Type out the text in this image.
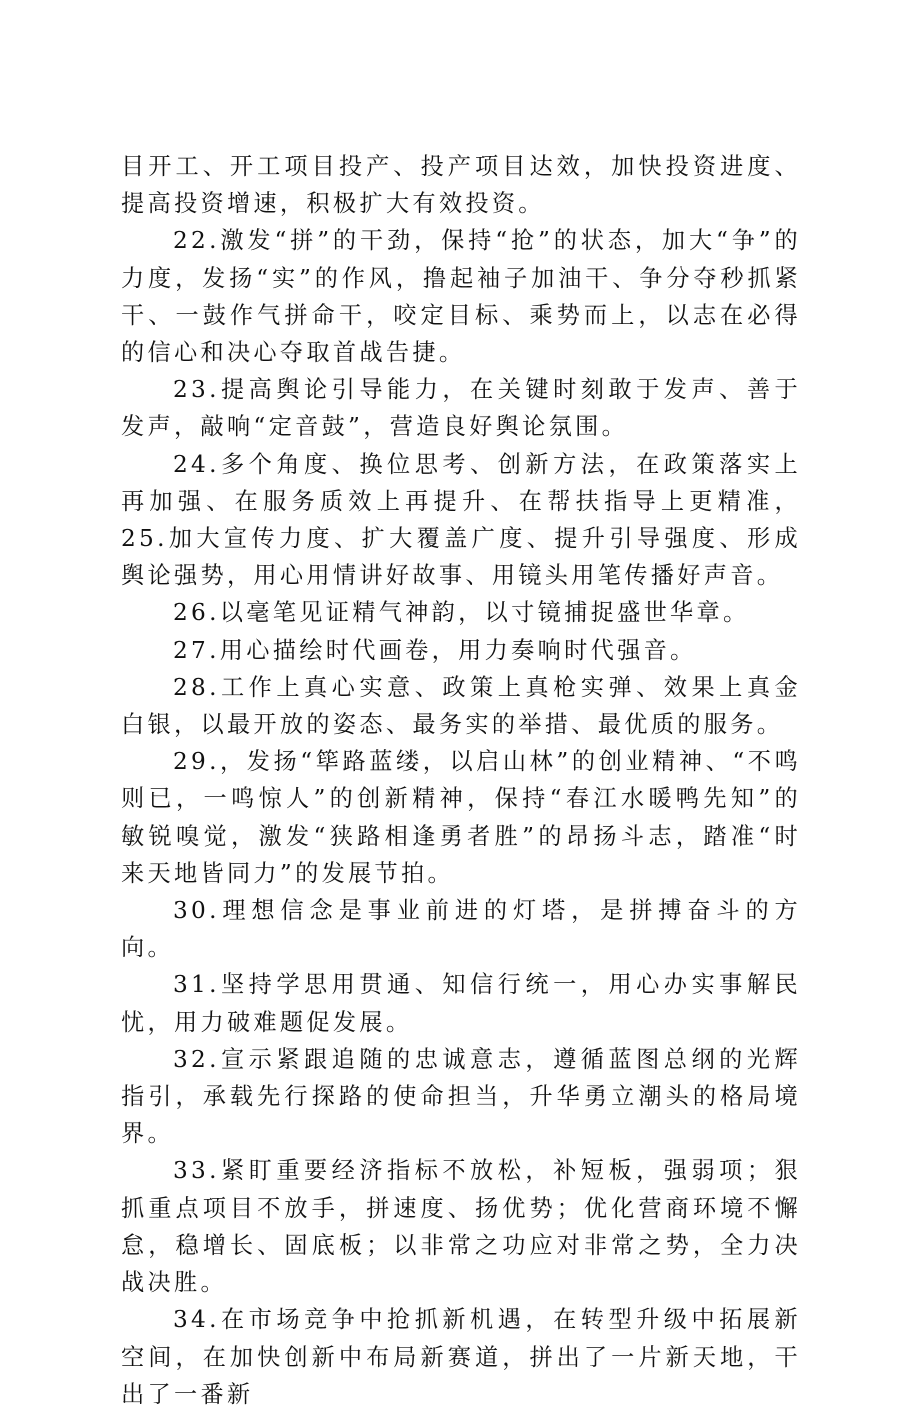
目开工、开工项目投产、投产项目达效，加快投资进度、提高投资增速，积极扩大有效投资。

22.激发“拼”的干劲，保持“抢”的状态，加大“争”的力度，发扬“实”的作风，撸起袖子加油干、争分夺秒抓紧干、一鼓作气拼命干，咬定目标、乘势而上，以志在必得的信心和决心夺取首战告捷。

23.提高舆论引导能力，在关键时刻敢于发声、善于发声，敲响“定音鼓”，营造良好舆论氛围。

24.多个角度、换位思考、创新方法，在政策落实上再加强、在服务质效上再提升、在帮扶指导上更精准，25.加大宣传力度、扩大覆盖广度、提升引导强度、形成舆论强势，用心用情讲好故事、用镜头用笔传播好声音。

26.以毫笔见证精气神韵，以寸镜捕捉盛世华章。

27.用心描绘时代画卷，用力奏响时代强音。

28.工作上真心实意、政策上真枪实弹、效果上真金白银，以最开放的姿态、最务实的举措、最优质的服务。

29.，发扬“筚路蓝缕，以启山林”的创业精神、“不鸣则已，一鸣惊人”的创新精神，保持“春江水暖鸭先知”的敏锐嗅觉，激发“狭路相逢勇者胜”的昂扬斗志，踏准“时来天地皆同力”的发展节拍。

30.理想信念是事业前进的灯塔，是拼搏奋斗的方向。

31.坚持学思用贯通、知信行统一，用心办实事解民忧，用力破难题促发展。

32.宣示紧跟追随的忠诚意志，遵循蓝图总纲的光辉指引，承载先行探路的使命担当，升华勇立潮头的格局境界。

33.紧盯重要经济指标不放松，补短板，强弱项；狠抓重点项目不放手，拼速度、扬优势；优化营商环境不懈怠，稳增长、固底板；以非常之功应对非常之势，全力决战决胜。

34.在市场竞争中抢抓新机遇，在转型升级中拓展新空间，在加快创新中布局新赛道，拼出了一片新天地，干出了一番新
